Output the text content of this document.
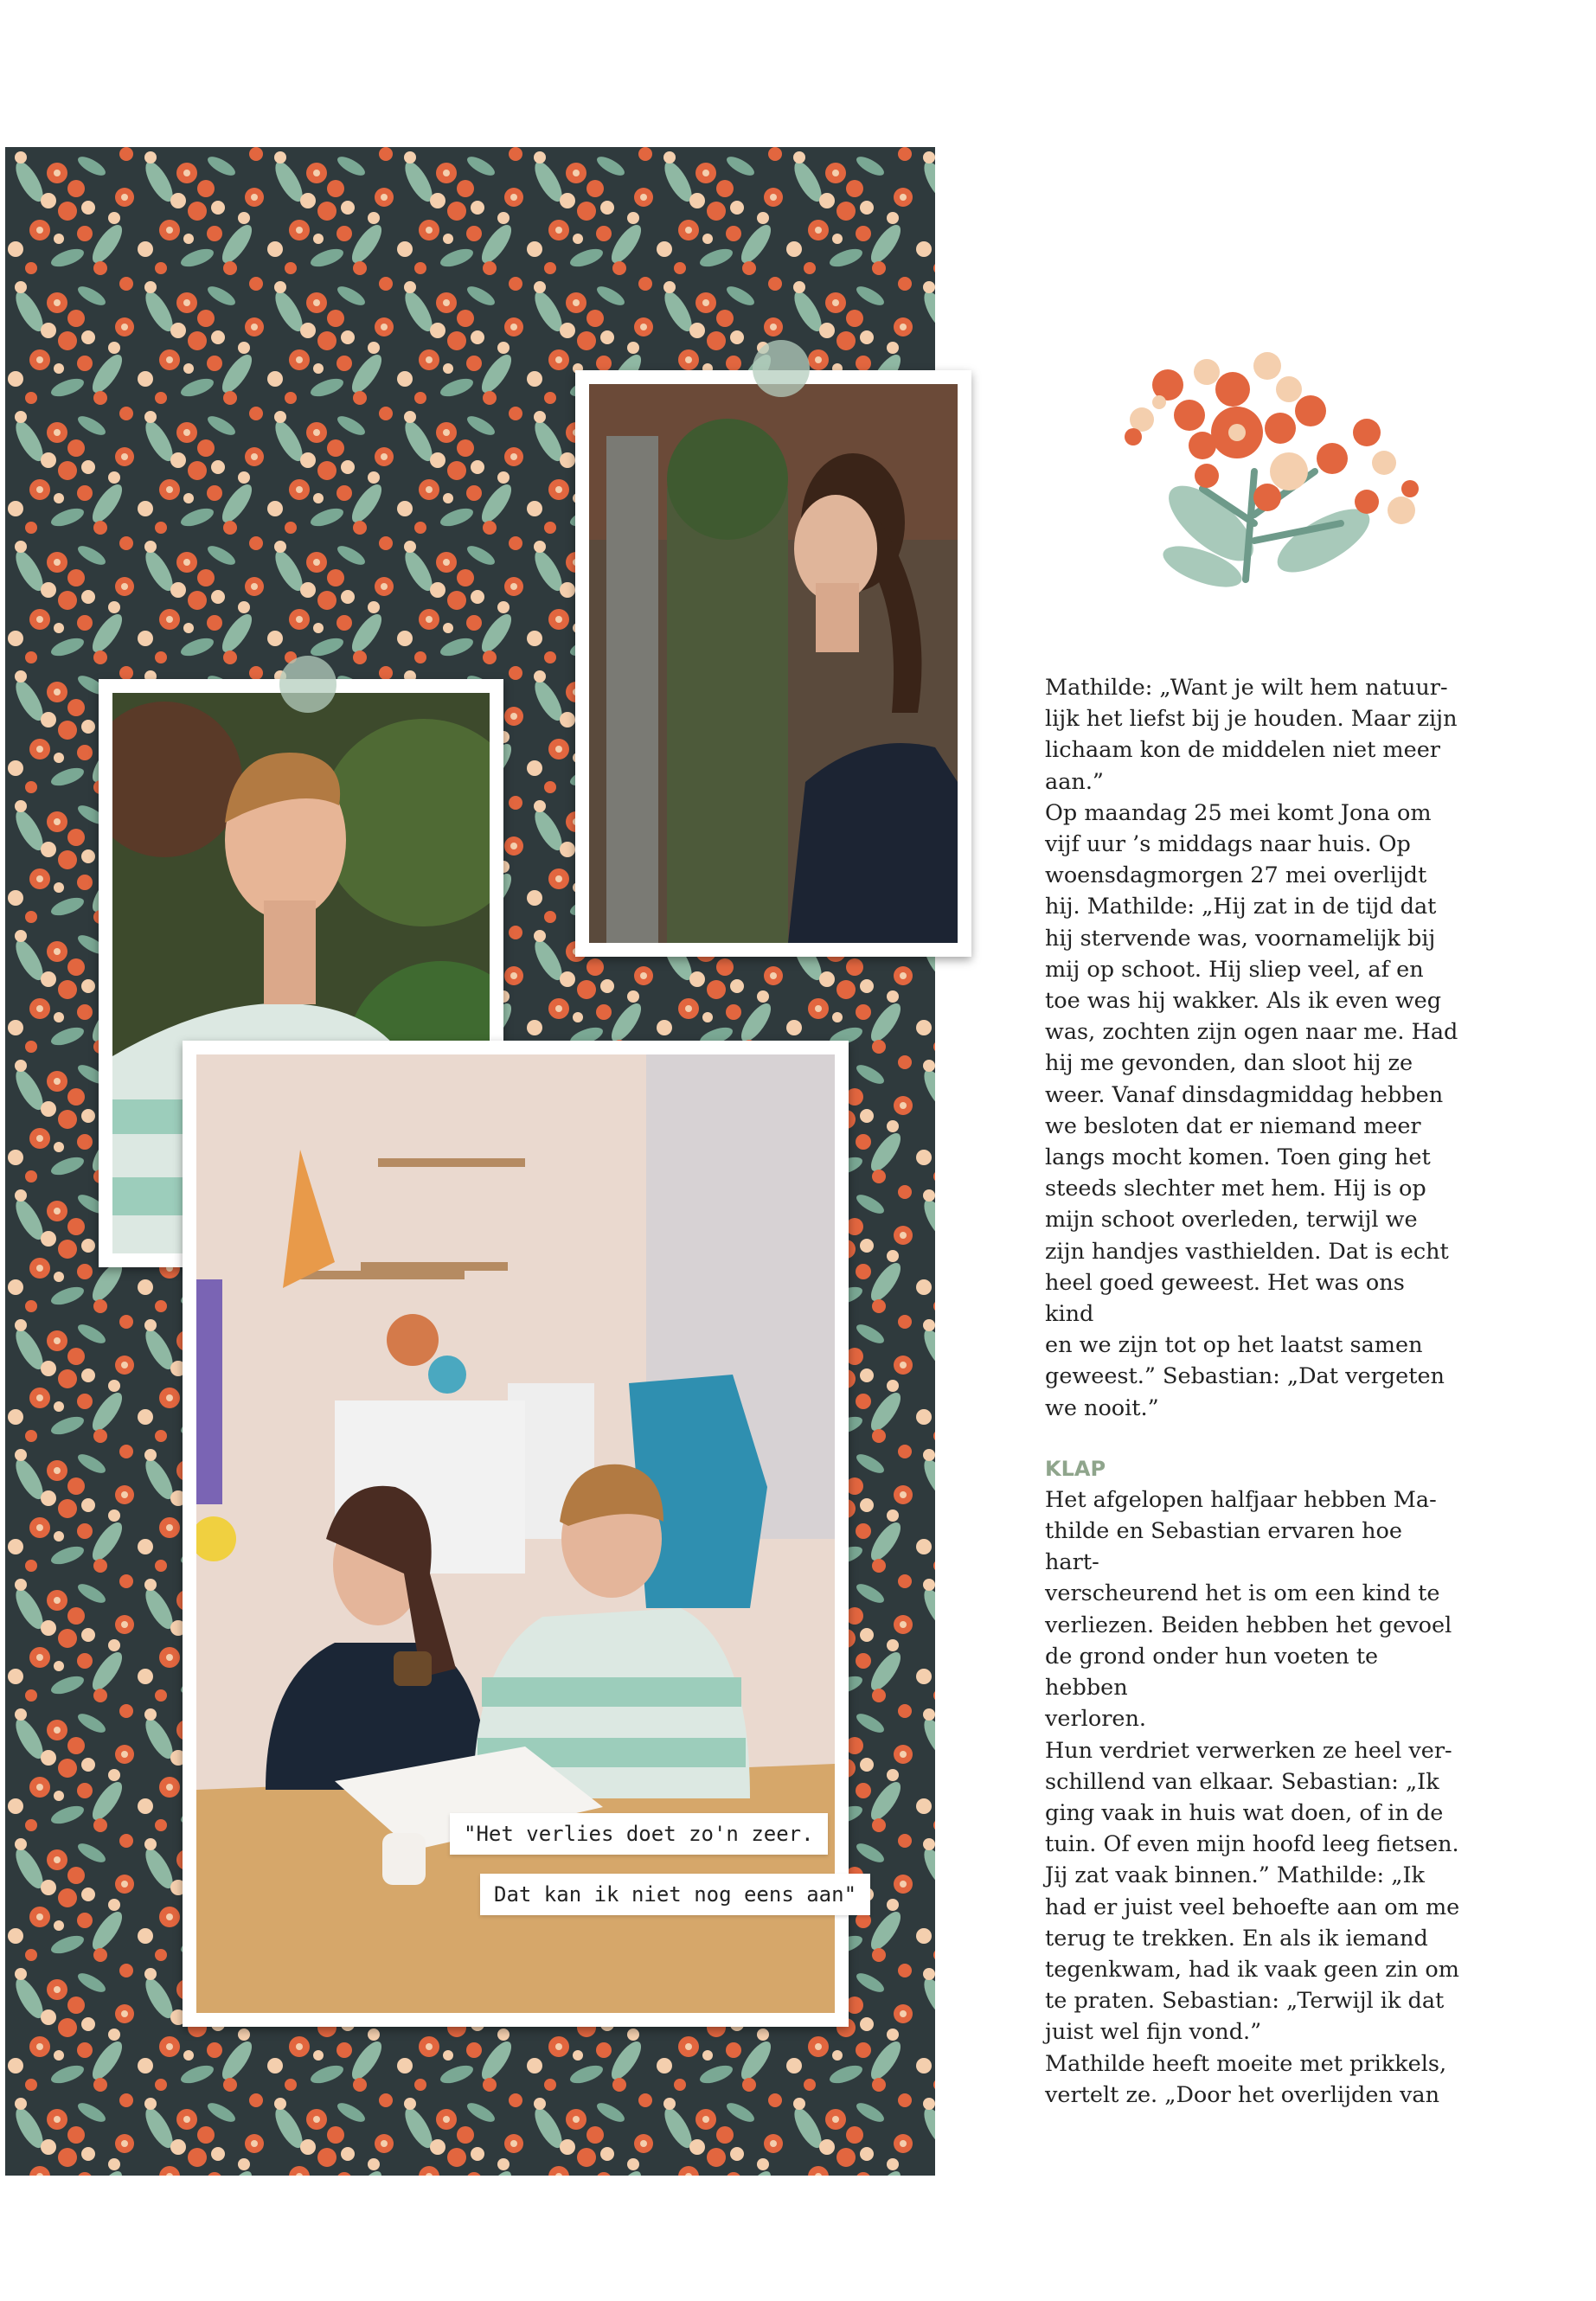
"Het verlies doet zo'n zeer.
Dat kan ik niet nog eens aan"

Mathilde: „Want je wilt hem natuur-
lijk het liefst bij je houden. Maar zijn
lichaam kon de middelen niet meer
aan.”

Op maandag 25 mei komt Jona om
vijf uur ’s middags naar huis. Op
woensdagmorgen 27 mei overlijdt
hij. Mathilde: „Hij zat in de tijd dat
hij stervende was, voornamelijk bij
mij op schoot. Hij sliep veel, af en
toe was hij wakker. Als ik even weg
was, zochten zijn ogen naar me. Had
hij me gevonden, dan sloot hij ze
weer. Vanaf dinsdagmiddag hebben
we besloten dat er niemand meer
langs mocht komen. Toen ging het
steeds slechter met hem. Hij is op
mijn schoot overleden, terwijl we
zijn handjes vasthielden. Dat is echt
heel goed geweest. Het was ons kind
en we zijn tot op het laatst samen
geweest.” Sebastian: „Dat vergeten
we nooit.”

KLAP

Het afgelopen halfjaar hebben Ma-
thilde en Sebastian ervaren hoe hart-
verscheurend het is om een kind te
verliezen. Beiden hebben het gevoel
de grond onder hun voeten te hebben
verloren.

Hun verdriet verwerken ze heel ver-
schillend van elkaar. Sebastian: „Ik
ging vaak in huis wat doen, of in de
tuin. Of even mijn hoofd leeg fietsen.
Jij zat vaak binnen.” Mathilde: „Ik
had er juist veel behoefte aan om me
terug te trekken. En als ik iemand
tegenkwam, had ik vaak geen zin om
te praten. Sebastian: „Terwijl ik dat
juist wel fijn vond.”

Mathilde heeft moeite met prikkels,
vertelt ze. „Door het overlijden van
